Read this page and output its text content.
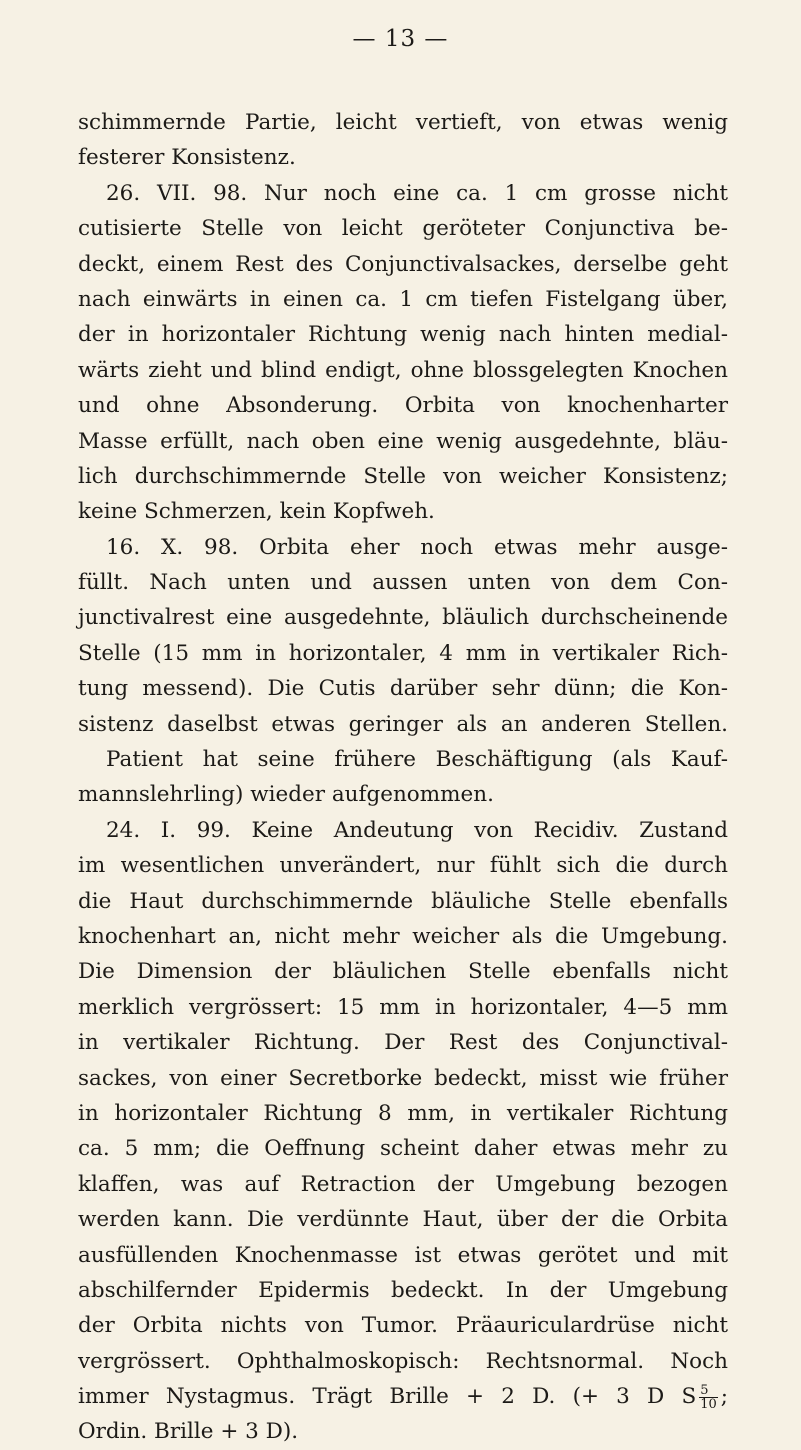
— 13 —
schimmernde Partie, leicht vertieft, von etwas wenig
festerer Konsistenz.
26. VII. 98. Nur noch eine ca. 1 cm grosse nicht
cutisierte Stelle von leicht geröteter Conjunctiva be-
deckt, einem Rest des Conjunctivalsackes, derselbe geht
nach einwärts in einen ca. 1 cm tiefen Fistelgang über,
der in horizontaler Richtung wenig nach hinten medial-
wärts zieht und blind endigt, ohne blossgelegten Knochen
und ohne Absonderung. Orbita von knochenharter
Masse erfüllt, nach oben eine wenig ausgedehnte, bläu-
lich durchschimmernde Stelle von weicher Konsistenz;
keine Schmerzen, kein Kopfweh.
16. X. 98. Orbita eher noch etwas mehr ausge-
füllt. Nach unten und aussen unten von dem Con-
junctivalrest eine ausgedehnte, bläulich durchscheinende
Stelle (15 mm in horizontaler, 4 mm in vertikaler Rich-
tung messend). Die Cutis darüber sehr dünn; die Kon-
sistenz daselbst etwas geringer als an anderen Stellen.
Patient hat seine frühere Beschäftigung (als Kauf-
mannslehrling) wieder aufgenommen.
24. I. 99. Keine Andeutung von Recidiv. Zustand
im wesentlichen unverändert, nur fühlt sich die durch
die Haut durchschimmernde bläuliche Stelle ebenfalls
knochenhart an, nicht mehr weicher als die Umgebung.
Die Dimension der bläulichen Stelle ebenfalls nicht
merklich vergrössert: 15 mm in horizontaler, 4—5 mm
in vertikaler Richtung. Der Rest des Conjunctival-
sackes, von einer Secretborke bedeckt, misst wie früher
in horizontaler Richtung 8 mm, in vertikaler Richtung
ca. 5 mm; die Oeffnung scheint daher etwas mehr zu
klaffen, was auf Retraction der Umgebung bezogen
werden kann. Die verdünnte Haut, über der die Orbita
ausfüllenden Knochenmasse ist etwas gerötet und mit
abschilfernder Epidermis bedeckt. In der Umgebung
der Orbita nichts von Tumor. Präauriculardrüse nicht
vergrössert. Ophthalmoskopisch: Rechtsnormal. Noch
immer Nystagmus. Trägt Brille + 2 D. (+ 3 D S $\frac{5}{10}$ ;
Ordin. Brille + 3 D).
